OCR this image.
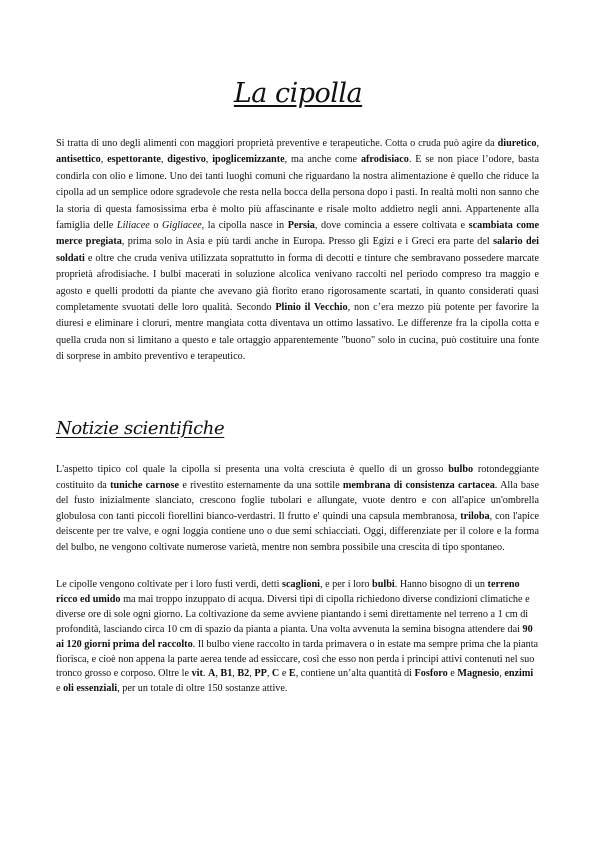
La cipolla

Si tratta di uno degli alimenti con maggiori proprietà preventive e terapeutiche. Cotta o cruda può agire da diuretico, antisettico, espettorante, digestivo, ipoglicemizzante, ma anche come afrodisiaco. E se non piace l’odore, basta condirla con olio e limone. Uno dei tanti luoghi comuni che riguardano la nostra alimentazione è quello che riduce la cipolla ad un semplice odore sgradevole che resta nella bocca della persona dopo i pasti. In realtà molti non sanno che la storia di questa famosissima erba è molto più affascinante e risale molto addietro negli anni. Appartenente alla famiglia delle Liliacee o Gigliacee, la cipolla nasce in Persia, dove comincia a essere coltivata e scambiata come merce pregiata, prima solo in Asia e più tardi anche in Europa. Presso gli Egizi e i Greci era parte del salario dei soldati e oltre che cruda veniva utilizzata soprattutto in forma di decotti e tinture che sembravano possedere marcate proprietà afrodisiache. I bulbi macerati in soluzione alcolica venivano raccolti nel periodo compreso tra maggio e agosto e quelli prodotti da piante che avevano già fiorito erano rigorosamente scartati, in quanto considerati quasi completamente svuotati delle loro qualità. Secondo Plinio il Vecchio, non c’era mezzo più potente per favorire la diuresi e eliminare i cloruri, mentre mangiata cotta diventava un ottimo lassativo. Le differenze fra la cipolla cotta e quella cruda non si limitano a questo e tale ortaggio apparentemente "buono" solo in cucina, può costituire una fonte di sorprese in ambito preventivo e terapeutico.

Notizie scientifiche

L'aspetto tipico col quale la cipolla si presenta una volta cresciuta è quello di un grosso bulbo rotondeggiante costituito da tuniche carnose e rivestito esternamente da una sottile membrana di consistenza cartacea. Alla base del fusto inizialmente slanciato, crescono foglie tubolari e allungate, vuote dentro e con all'apice un'ombrella globulosa con tanti piccoli fiorellini bianco-verdastri. Il frutto e' quindi una capsula membranosa, triloba, con l'apice deiscente per tre valve, e ogni loggia contiene uno o due semi schiacciati. Oggi, differenziate per il colore e la forma del bulbo, ne vengono coltivate numerose varietà, mentre non sembra possibile una crescita di tipo spontaneo.

Le cipolle vengono coltivate per i loro fusti verdi, detti scaglioni, e per i loro bulbi. Hanno bisogno di un terreno ricco ed umido ma mai troppo inzuppato di acqua. Diversi tipi di cipolla richiedono diverse condizioni climatiche e diverse ore di sole ogni giorno. La coltivazione da seme avviene piantando i semi direttamente nel terreno a 1 cm di profondità, lasciando circa 10 cm di spazio da pianta a pianta. Una volta avvenuta la semina bisogna attendere dai 90 ai 120 giorni prima del raccolto. Il bulbo viene raccolto in tarda primavera o in estate ma sempre prima che la pianta fiorisca, e cioè non appena la parte aerea tende ad essiccare, così che esso non perda i principi attivi contenuti nel suo tronco grosso e corposo. Oltre le vit. A, B1, B2, PP, C e E, contiene un’alta quantità di Fosforo e Magnesio, enzimi e oli essenziali, per un totale di oltre 150 sostanze attive.
